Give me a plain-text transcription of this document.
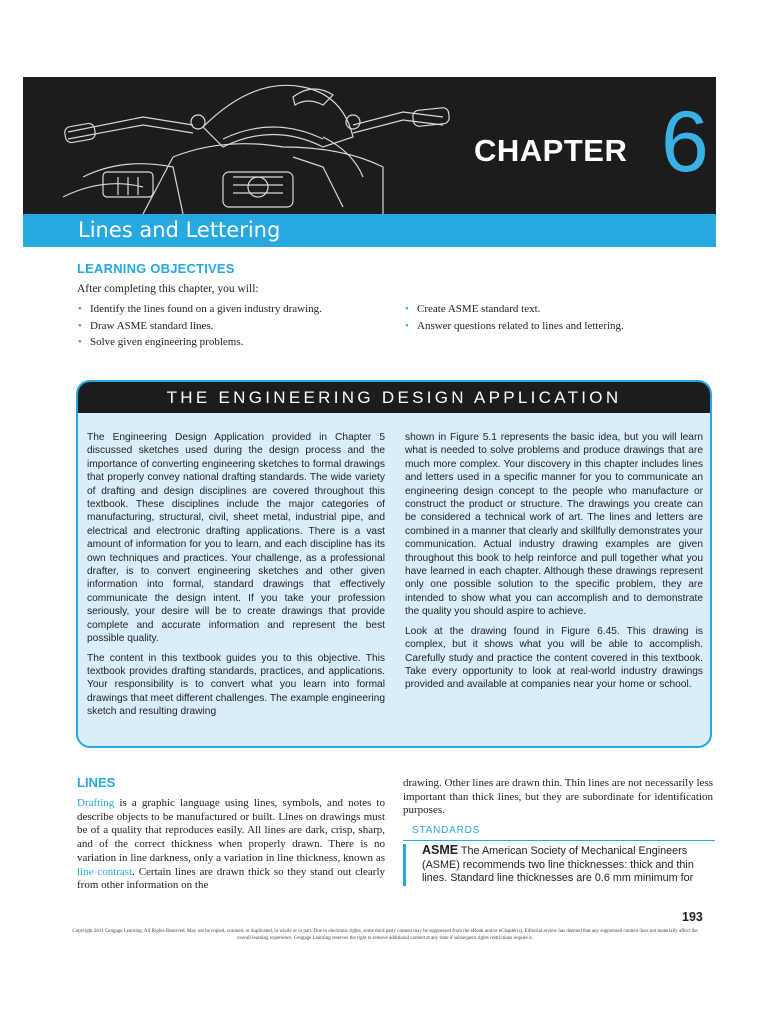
CHAPTER 6
Lines and Lettering
LEARNING OBJECTIVES
After completing this chapter, you will:
• Identify the lines found on a given industry drawing.
• Draw ASME standard lines.
• Solve given engineering problems.
• Create ASME standard text.
• Answer questions related to lines and lettering.
THE ENGINEERING DESIGN APPLICATION

The Engineering Design Application provided in Chapter 5 discussed sketches used during the design process and the importance of converting engineering sketches to formal drawings that properly convey national drafting standards. The wide variety of drafting and design disciplines are covered throughout this textbook. These disciplines include the major categories of manufacturing, structural, civil, sheet metal, industrial pipe, and electrical and electronic drafting applications. There is a vast amount of information for you to learn, and each discipline has its own techniques and practices. Your challenge, as a professional drafter, is to convert engineering sketches and other given information into formal, standard drawings that effectively communicate the design intent. If you take your profession seriously, your desire will be to create drawings that provide complete and accurate information and represent the best possible quality.

The content in this textbook guides you to this objective. This textbook provides drafting standards, practices, and applications. Your responsibility is to convert what you learn into formal drawings that meet different challenges. The example engineering sketch and resulting drawing

shown in Figure 5.1 represents the basic idea, but you will learn what is needed to solve problems and produce drawings that are much more complex. Your discovery in this chapter includes lines and letters used in a specific manner for you to communicate an engineering design concept to the people who manufacture or construct the product or structure. The drawings you create can be considered a technical work of art. The lines and letters are combined in a manner that clearly and skillfully demonstrates your communication. Actual industry drawing examples are given throughout this book to help reinforce and pull together what you have learned in each chapter. Although these drawings represent only one possible solution to the specific problem, they are intended to show what you can accomplish and to demonstrate the quality you should aspire to achieve.

Look at the drawing found in Figure 6.45. This drawing is complex, but it shows what you will be able to accomplish. Carefully study and practice the content covered in this textbook. Take every opportunity to look at real-world industry drawings provided and available at companies near your home or school.

LINES

Drafting is a graphic language using lines, symbols, and notes to describe objects to be manufactured or built. Lines on drawings must be of a quality that reproduces easily. All lines are dark, crisp, sharp, and of the correct thickness when properly drawn. There is no variation in line darkness, only a variation in line thickness, known as line contrast. Certain lines are drawn thick so they stand out clearly from other information on the

drawing. Other lines are drawn thin. Thin lines are not necessarily less important than thick lines, but they are subordinate for identification purposes.

STANDARDS

ASME The American Society of Mechanical Engineers (ASME) recommends two line thicknesses: thick and thin lines. Standard line thicknesses are 0.6 mm minimum for

193
Copyright 2011 Cengage Learning. All Rights Reserved. May not be copied, scanned, or duplicated, in whole or in part. Due to electronic rights, some third party content may be suppressed from the eBook and/or eChapter(s). Editorial review has deemed that any suppressed content does not materially affect the overall learning experience. Cengage Learning reserves the right to remove additional content at any time if subsequent rights restrictions require it.
